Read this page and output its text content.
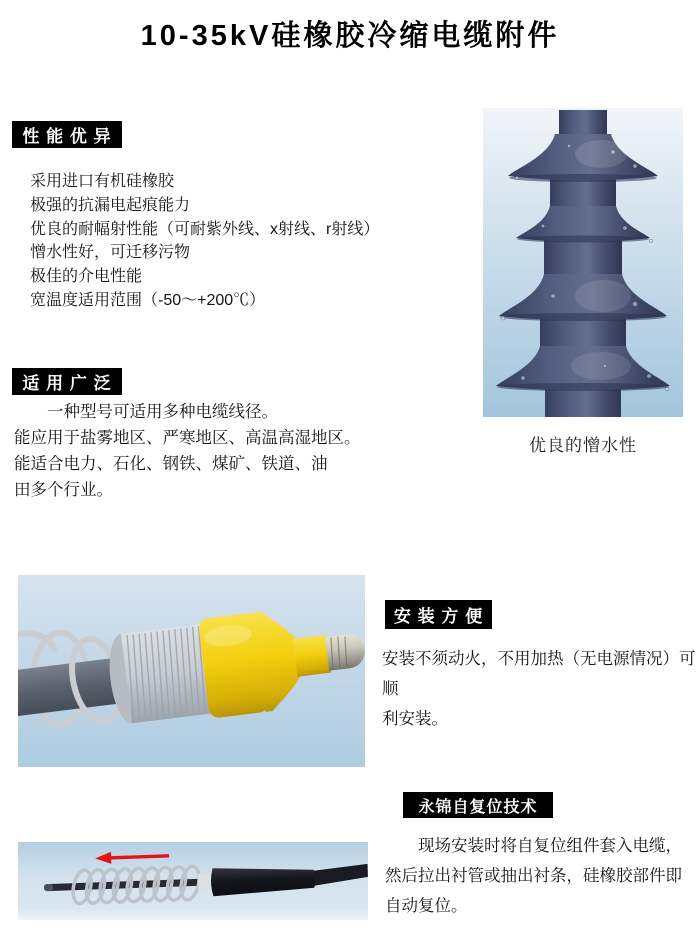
10-35kV硅橡胶冷缩电缆附件
性 能 优 异
采用进口有机硅橡胶
极强的抗漏电起痕能力
优良的耐幅射性能（可耐紫外线、x射线、r射线）
憎水性好，可迁移污物
极佳的介电性能
宽温度适用范围（-50～+200℃）
优良的憎水性
适 用 广 泛
一种型号可适用多种电缆线径。
能应用于盐雾地区、严寒地区、高温高湿地区。
能适合电力、石化、钢铁、煤矿、铁道、油
田多个行业。
安 装 方 便
安装不须动火，不用加热（无电源情况）可顺
利安装。
永锦自复位技术
现场安装时将自复位组件套入电缆，
然后拉出衬管或抽出衬条，硅橡胶部件即
自动复位。
